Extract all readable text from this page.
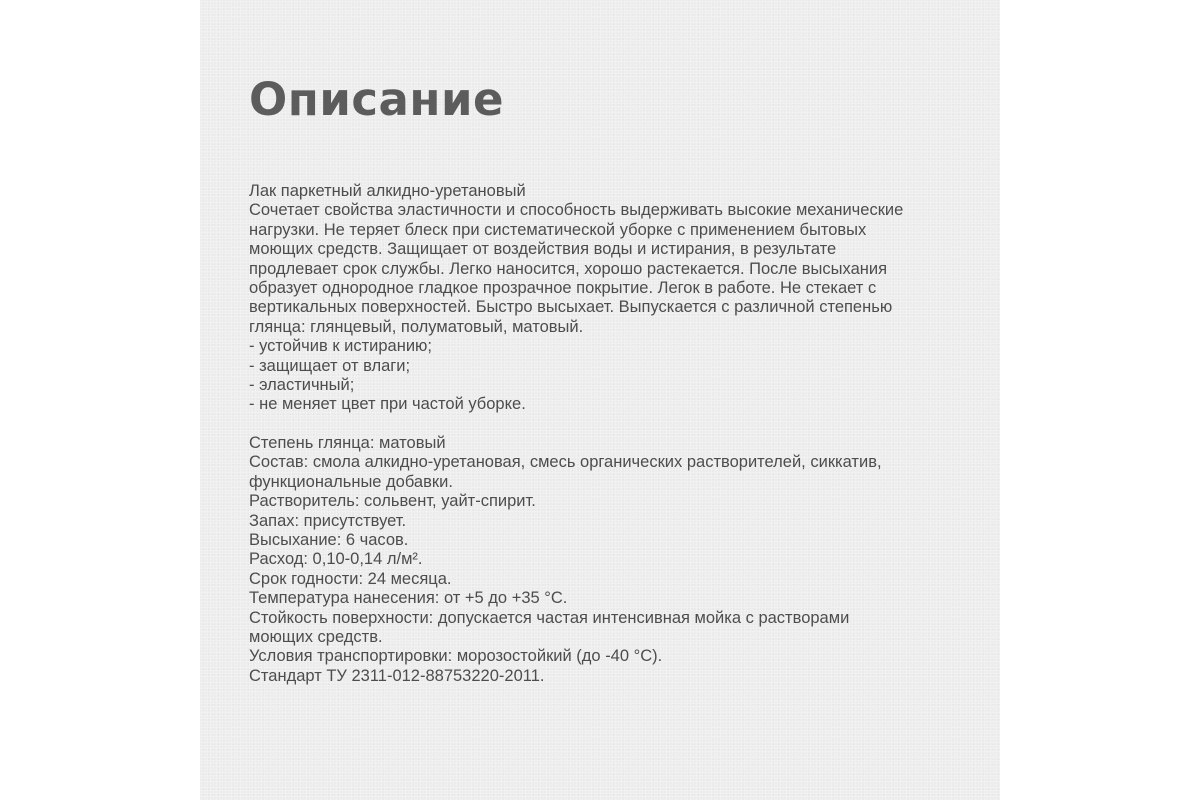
Описание
Лак паркетный алкидно-уретановый
Сочетает свойства эластичности и способность выдерживать высокие механические
нагрузки. Не теряет блеск при систематической уборке с применением бытовых
моющих средств. Защищает от воздействия воды и истирания, в результате
продлевает срок службы. Легко наносится, хорошо растекается. После высыхания
образует однородное гладкое прозрачное покрытие. Легок в работе. Не стекает с
вертикальных поверхностей. Быстро высыхает. Выпускается с различной степенью
глянца: глянцевый, полуматовый, матовый.
- устойчив к истиранию;
- защищает от влаги;
- эластичный;
- не меняет цвет при частой уборке.
Степень глянца: матовый
Состав: смола алкидно-уретановая, смесь органических растворителей, сиккатив,
функциональные добавки.
Растворитель: сольвент, уайт-спирит.
Запах: присутствует.
Высыхание: 6 часов.
Расход: 0,10-0,14 л/м².
Срок годности: 24 месяца.
Температура нанесения: от +5 до +35 °C.
Стойкость поверхности: допускается частая интенсивная мойка с растворами
моющих средств.
Условия транспортировки: морозостойкий (до -40 °C).
Стандарт ТУ 2311-012-88753220-2011.
